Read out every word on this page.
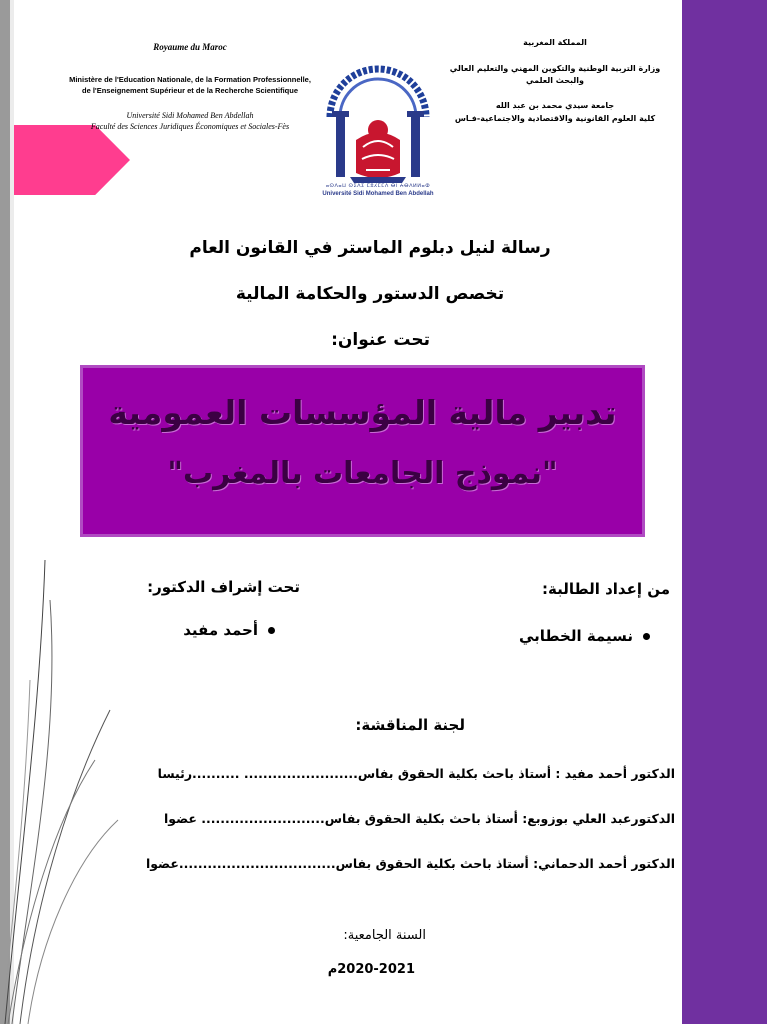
Royaume du Maroc
Ministère de l'Education Nationale, de la Formation Professionnelle,
de l'Enseignement Supérieur et de la Recherche Scientifique
Université Sidi Mohamed Ben Abdellah
Faculté des Sciences Juridiques Économiques et Sociales-Fès
المملكة المغربية
وزارة التربية الوطنية والتكوين المهني والتعليم العالي
والبحث العلمي
جامعة سيدي محمد بن عبد الله
كلية العلوم القانونية والاقتصادية والاجتماعية-فـاس
ⴰⵙⴷⴰⵡ ⵙⵉⴷⵉ ⵎⵓⵃⵎⵎⴷ ⴱⵏ ⵄⴱⴷⵍⵍⴰⵀ
Université Sidi Mohamed Ben Abdellah
رسالة لنيل دبلوم الماستر في القانون العام
تخصص الدستور والحكامة المالية
تحت عنوان:
تدبير مالية المؤسسات العمومية
"نموذج الجامعات بالمغرب"
من إعداد الطالبة:
نسيمة الخطابي
تحت إشراف الدكتور:
أحمد مفيد
لجنة المناقشة:
الدكتور أحمد مفيد : أستاذ باحث بكلية الحقوق بفاس........................ ..........رئيسا
الدكتورعبد العلي بوزوبع: أستاذ باحث بكلية الحقوق بفاس.......................... عضوا
الدكتور أحمد الدحماني: أستاذ باحث بكلية الحقوق بفاس.................................عضوا
السنة الجامعية:
2020-2021م
